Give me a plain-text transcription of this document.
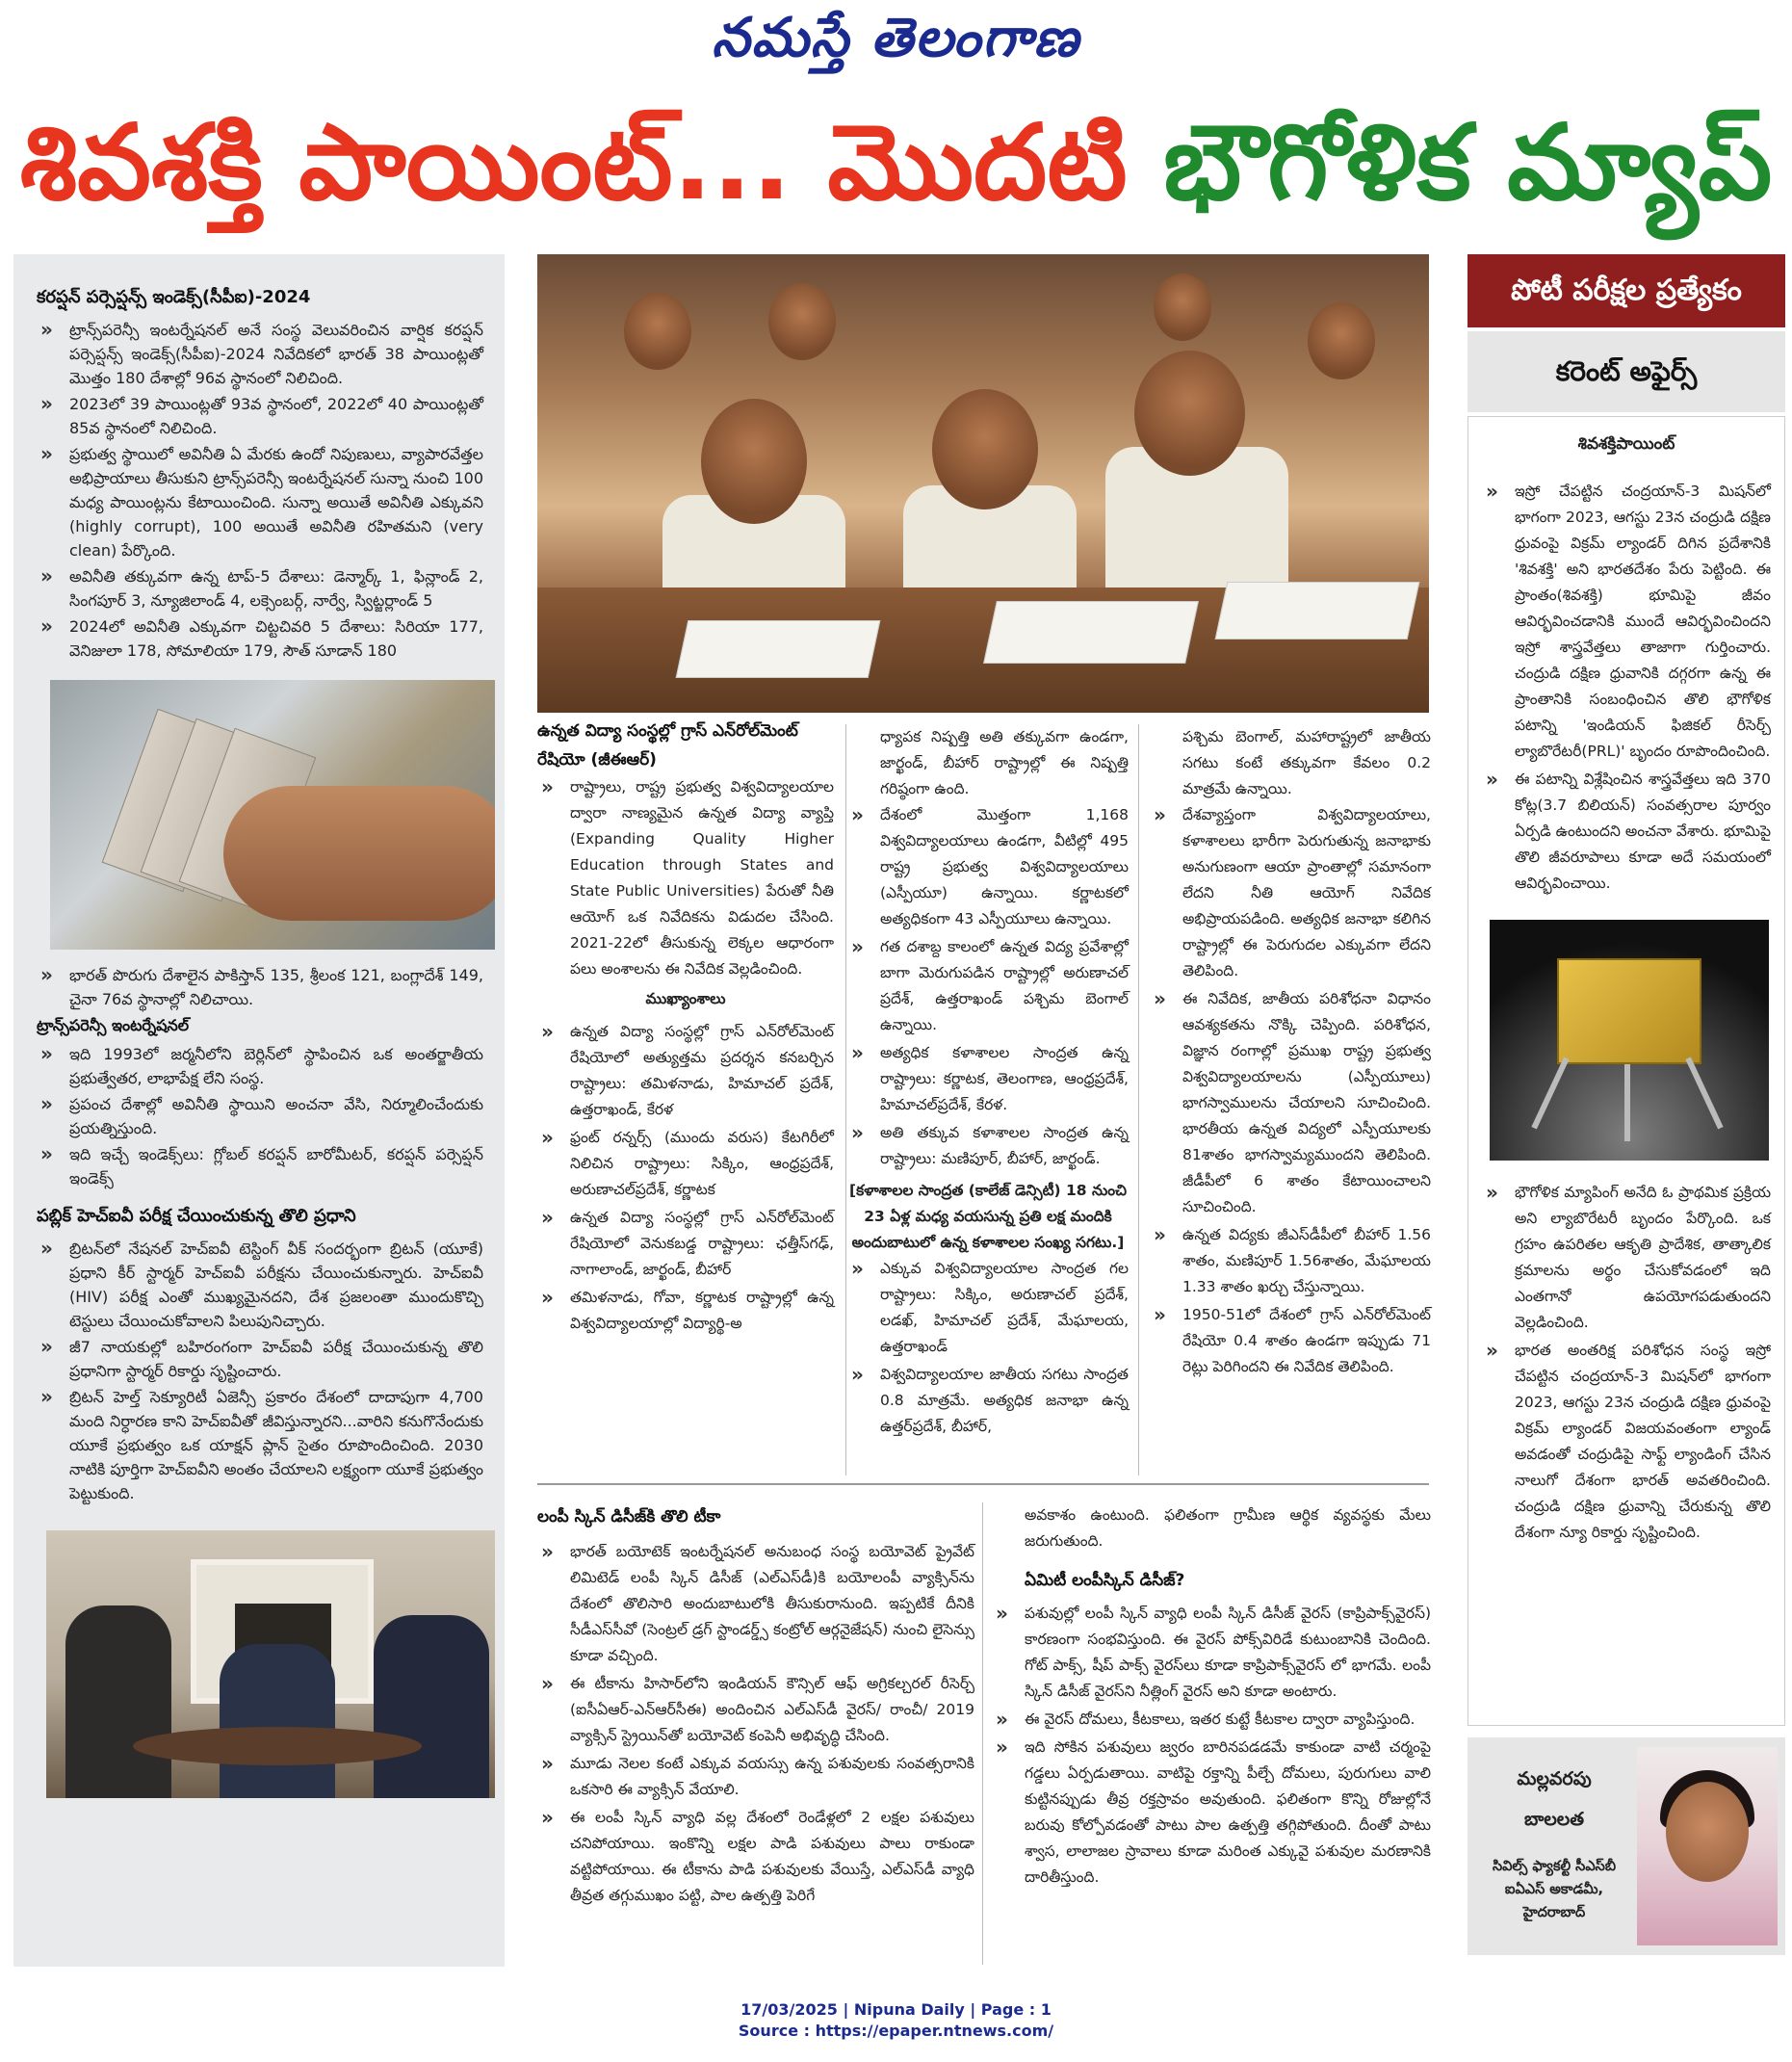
నమస్తే తెలంగాణ
శివశక్తి పాయింట్... మొదటి భౌగోళిక మ్యాప్
కరప్షన్ పర్సెప్షన్స్ ఇండెక్స్(సీపీఐ)-2024
» ట్రాన్స్‌పరెన్సీ ఇంటర్నేషనల్ అనే సంస్థ వెలువరించిన వార్షిక కరప్షన్ పర్సెప్షన్స్ ఇండెక్స్(సీపీఐ)-2024 నివేదికలో భారత్ 38 పాయింట్లతో మొత్తం 180 దేశాల్లో 96వ స్థానంలో నిలిచింది.
» 2023లో 39 పాయింట్లతో 93వ స్థానంలో, 2022లో 40 పాయింట్లతో 85వ స్థానంలో నిలిచింది.
» ప్రభుత్వ స్థాయిలో అవినీతి ఏ మేరకు ఉందో నిపుణులు, వ్యాపారవేత్తల అభిప్రాయాలు తీసుకుని ట్రాన్స్‌పరెన్సీ ఇంటర్నేషనల్ సున్నా నుంచి 100 మధ్య పాయింట్లను కేటాయించింది. సున్నా అయితే అవినీతి ఎక్కువని (highly corrupt), 100 అయితే అవినీతి రహితమని (very clean) పేర్కొంది.
» అవినీతి తక్కువగా ఉన్న టాప్-5 దేశాలు: డెన్మార్క్ 1, ఫిన్లాండ్ 2, సింగపూర్ 3, న్యూజిలాండ్ 4, లక్సెంబర్గ్, నార్వే, స్విట్జర్లాండ్ 5
» 2024లో అవినీతి ఎక్కువగా చిట్టచివరి 5 దేశాలు: సిరియా 177, వెనిజులా 178, సోమాలియా 179, సౌత్ సూడాన్ 180
» భారత్ పొరుగు దేశాలైన పాకిస్తాన్ 135, శ్రీలంక 121, బంగ్లాదేశ్ 149, చైనా 76వ స్థానాల్లో నిలిచాయి.
ట్రాన్స్‌పరెన్సీ ఇంటర్నేషనల్
» ఇది 1993లో జర్మనీలోని బెర్లిన్‌లో స్థాపించిన ఒక అంతర్జాతీయ ప్రభుత్వేతర, లాభాపేక్ష లేని సంస్థ.
» ప్రపంచ దేశాల్లో అవినీతి స్థాయిని అంచనా వేసి, నిర్మూలించేందుకు ప్రయత్నిస్తుంది.
» ఇది ఇచ్చే ఇండెక్స్‌లు: గ్లోబల్ కరప్షన్ బారోమీటర్, కరప్షన్ పర్సెప్షన్ ఇండెక్స్
పబ్లిక్ హెచ్ఐవీ పరీక్ష చేయించుకున్న తొలి ప్రధాని
» బ్రిటన్‌లో నేషనల్ హెచ్ఐవీ టెస్టింగ్ వీక్ సందర్భంగా బ్రిటన్ (యూకే) ప్రధాని కీర్ స్టార్మర్ హెచ్ఐవీ పరీక్షను చేయించుకున్నారు. హెచ్ఐవీ (HIV) పరీక్ష ఎంతో ముఖ్యమైనదని, దేశ ప్రజలంతా ముందుకొచ్చి టెస్టులు చేయించుకోవాలని పిలుపునిచ్చారు.
» జీ7 నాయకుల్లో బహిరంగంగా హెచ్ఐవీ పరీక్ష చేయించుకున్న తొలి ప్రధానిగా స్టార్మర్ రికార్డు సృష్టించారు.
» బ్రిటన్ హెల్త్ సెక్యూరిటీ ఏజెన్సీ ప్రకారం దేశంలో దాదాపుగా 4,700 మంది నిర్ధారణ కాని హెచ్ఐవీతో జీవిస్తున్నారని...వారిని కనుగొనేందుకు యూకే ప్రభుత్వం ఒక యాక్షన్ ప్లాన్ సైతం రూపొందించింది. 2030 నాటికి పూర్తిగా హెచ్ఐవీని అంతం చేయాలని లక్ష్యంగా యూకే ప్రభుత్వం పెట్టుకుంది.
ఉన్నత విద్యా సంస్థల్లో గ్రాస్ ఎన్‌రోల్‌మెంట్ రేషియో (జీఈఆర్)
» రాష్ట్రాలు, రాష్ట్ర ప్రభుత్వ విశ్వవిద్యాలయాల ద్వారా నాణ్యమైన ఉన్నత విద్యా వ్యాప్తి (Expanding Quality Higher Education through States and State Public Universities) పేరుతో నీతి ఆయోగ్ ఒక నివేదికను విడుదల చేసింది. 2021-22లో తీసుకున్న లెక్కల ఆధారంగా పలు అంశాలను ఈ నివేదిక వెల్లడించింది.
ముఖ్యాంశాలు
» ఉన్నత విద్యా సంస్థల్లో గ్రాస్ ఎన్‌రోల్‌మెంట్ రేషియోలో అత్యుత్తమ ప్రదర్శన కనబర్చిన రాష్ట్రాలు: తమిళనాడు, హిమాచల్ ప్రదేశ్, ఉత్తరాఖండ్, కేరళ
» ఫ్రంట్ రన్నర్స్ (ముందు వరుస) కేటగిరీలో నిలిచిన రాష్ట్రాలు: సిక్కిం, ఆంధ్రప్రదేశ్, అరుణాచల్‌ప్రదేశ్, కర్ణాటక
» ఉన్నత విద్యా సంస్థల్లో గ్రాస్ ఎన్‌రోల్‌మెంట్ రేషియోలో వెనుకబడ్డ రాష్ట్రాలు: ఛత్తీస్‌గఢ్, నాగాలాండ్, జార్ఖండ్, బీహార్
» తమిళనాడు, గోవా, కర్ణాటక రాష్ట్రాల్లో ఉన్న విశ్వవిద్యాలయాల్లో విద్యార్థి-అ
ధ్యాపక నిష్పత్తి అతి తక్కువగా ఉండగా, జార్ఖండ్, బీహార్ రాష్ట్రాల్లో ఈ నిష్పత్తి గరిష్ఠంగా ఉంది.
» దేశంలో మొత్తంగా 1,168 విశ్వవిద్యాలయాలు ఉండగా, వీటిల్లో 495 రాష్ట్ర ప్రభుత్వ విశ్వవిద్యాలయాలు (ఎస్పీయూ) ఉన్నాయి. కర్ణాటకలో అత్యధికంగా 43 ఎస్పీయూలు ఉన్నాయి.
» గత దశాబ్ద కాలంలో ఉన్నత విద్య ప్రవేశాల్లో బాగా మెరుగుపడిన రాష్ట్రాల్లో అరుణాచల్ ప్రదేశ్, ఉత్తరాఖండ్ పశ్చిమ బెంగాల్ ఉన్నాయి.
» అత్యధిక కళాశాలల సాంద్రత ఉన్న రాష్ట్రాలు: కర్ణాటక, తెలంగాణ, ఆంధ్రప్రదేశ్, హిమాచల్‌ప్రదేశ్, కేరళ.
» అతి తక్కువ కళాశాలల సాంద్రత ఉన్న రాష్ట్రాలు: మణిపూర్, బీహార్, జార్ఖండ్.
[కళాశాలల సాంద్రత (కాలేజ్ డెన్సిటీ) 18 నుంచి 23 ఏళ్ల మధ్య వయసున్న ప్రతి లక్ష మందికి అందుబాటులో ఉన్న కళాశాలల సంఖ్య సగటు.]
» ఎక్కువ విశ్వవిద్యాలయాల సాంద్రత గల రాష్ట్రాలు: సిక్కిం, అరుణాచల్ ప్రదేశ్, లడఖ్, హిమాచల్ ప్రదేశ్, మేఘాలయ, ఉత్తరాఖండ్
» విశ్వవిద్యాలయాల జాతీయ సగటు సాంద్రత 0.8 మాత్రమే. అత్యధిక జనాభా ఉన్న ఉత్తర్‌ప్రదేశ్, బీహార్,
పశ్చిమ బెంగాల్, మహారాష్ట్రలో జాతీయ సగటు కంటే తక్కువగా కేవలం 0.2 మాత్రమే ఉన్నాయి.
» దేశవ్యాప్తంగా విశ్వవిద్యాలయాలు, కళాశాలలు భారీగా పెరుగుతున్న జనాభాకు అనుగుణంగా ఆయా ప్రాంతాల్లో సమానంగా లేదని నీతి ఆయోగ్ నివేదిక అభిప్రాయపడింది. అత్యధిక జనాభా కలిగిన రాష్ట్రాల్లో ఈ పెరుగుదల ఎక్కువగా లేదని తెలిపింది.
» ఈ నివేదిక, జాతీయ పరిశోధనా విధానం ఆవశ్యకతను నొక్కి చెప్పింది. పరిశోధన, విజ్ఞాన రంగాల్లో ప్రముఖ రాష్ట్ర ప్రభుత్వ విశ్వవిద్యాలయాలను (ఎస్పీయూలు) భాగస్వాములను చేయాలని సూచించింది. భారతీయ ఉన్నత విద్యలో ఎస్పీయూలకు 81శాతం భాగస్వామ్యముందని తెలిపింది. జీడీపీలో 6 శాతం కేటాయించాలని సూచించింది.
» ఉన్నత విద్యకు జీఎస్‌డీపీలో బీహార్ 1.56 శాతం, మణిపూర్ 1.56శాతం, మేఘాలయ 1.33 శాతం ఖర్చు చేస్తున్నాయి.
» 1950-51లో దేశంలో గ్రాస్ ఎన్‌రోల్‌మెంట్ రేషియో 0.4 శాతం ఉండగా ఇప్పుడు 71 రెట్లు పెరిగిందని ఈ నివేదిక తెలిపింది.
లంపీ స్కిన్ డిసీజ్‌కి తొలి టీకా
» భారత్ బయోటెక్ ఇంటర్నేషనల్ అనుబంధ సంస్థ బయోవెట్ ప్రైవేట్ లిమిటెడ్ లంపీ స్కిన్ డిసీజ్ (ఎల్ఎస్‌డీ)కి బయోలంపీ వ్యాక్సిన్‌ను దేశంలో తొలిసారి అందుబాటులోకి తీసుకురానుంది. ఇప్పటికే దీనికి సీడీఎస్‌సీవో (సెంట్రల్ డ్రగ్ స్టాండర్డ్స్ కంట్రోల్ ఆర్గనైజేషన్) నుంచి లైసెన్సు కూడా వచ్చింది.
» ఈ టీకాను హిసార్‌లోని ఇండియన్ కౌన్సిల్ ఆఫ్ అగ్రికల్చరల్ రీసెర్చ్ (ఐసీఏఆర్-ఎన్ఆర్‌సీఈ) అందించిన ఎల్ఎస్‌డీ వైరస్/ రాంచీ/ 2019 వ్యాక్సిన్ స్ట్రెయిన్‌తో బయోవెట్ కంపెనీ అభివృద్ధి చేసింది.
» మూడు నెలల కంటే ఎక్కువ వయస్సు ఉన్న పశువులకు సంవత్సరానికి ఒకసారి ఈ వ్యాక్సిన్ వేయాలి.
» ఈ లంపీ స్కిన్ వ్యాధి వల్ల దేశంలో రెండేళ్లలో 2 లక్షల పశువులు చనిపోయాయి. ఇంకొన్ని లక్షల పాడి పశువులు పాలు రాకుండా వట్టిపోయాయి. ఈ టీకాను పాడి పశువులకు వేయిస్తే, ఎల్ఎస్‌డీ వ్యాధి తీవ్రత తగ్గుముఖం పట్టి, పాల ఉత్పత్తి పెరిగే
అవకాశం ఉంటుంది. ఫలితంగా గ్రామీణ ఆర్థిక వ్యవస్థకు మేలు జరుగుతుంది.
ఏమిటీ లంపీస్కిన్ డిసీజ్?
» పశువుల్లో లంపీ స్కిన్ వ్యాధి లంపీ స్కిన్ డిసీజ్ వైరస్ (కాప్రిపాక్స్‌వైరస్) కారణంగా సంభవిస్తుంది. ఈ వైరస్ పోక్స్‌విరిడే కుటుంబానికి చెందింది. గోట్ పాక్స్, షీప్ పాక్స్ వైరస్‌లు కూడా కాప్రిపాక్స్‌వైరస్ లో భాగమే. లంపీ స్కిన్ డిసీజ్ వైరస్‌ని నీత్లింగ్ వైరస్ అని కూడా అంటారు.
» ఈ వైరస్ దోమలు, కీటకాలు, ఇతర కుట్టే కీటకాల ద్వారా వ్యాపిస్తుంది.
» ఇది సోకిన పశువులు జ్వరం బారినపడడమే కాకుండా వాటి చర్మంపై గడ్డలు ఏర్పడుతాయి. వాటిపై రక్తాన్ని పీల్చే దోమలు, పురుగులు వాలి కుట్టినప్పుడు తీవ్ర రక్తస్రావం అవుతుంది. ఫలితంగా కొన్ని రోజుల్లోనే బరువు కోల్పోవడంతో పాటు పాల ఉత్పత్తి తగ్గిపోతుంది. దీంతో పాటు శ్వాస, లాలాజల స్రావాలు కూడా మరింత ఎక్కువై పశువుల మరణానికి దారితీస్తుంది.
పోటీ పరీక్షల ప్రత్యేకం
కరెంట్ అఫైర్స్
శివశక్తిపాయింట్
» ఇస్రో చేపట్టిన చంద్రయాన్-3 మిషన్‌లో భాగంగా 2023, ఆగస్టు 23న చంద్రుడి దక్షిణ ధ్రువంపై విక్రమ్ ల్యాండర్ దిగిన ప్రదేశానికి 'శివశక్తి' అని భారతదేశం పేరు పెట్టింది. ఈ ప్రాంతం(శివశక్తి) భూమిపై జీవం ఆవిర్భవించడానికి ముందే ఆవిర్భవించిందని ఇస్రో శాస్త్రవేత్తలు తాజాగా గుర్తించారు. చంద్రుడి దక్షిణ ధ్రువానికి దగ్గరగా ఉన్న ఈ ప్రాంతానికి సంబంధించిన తొలి భౌగోళిక పటాన్ని 'ఇండియన్ ఫిజికల్ రీసెర్చ్ ల్యాబొరేటరీ(PRL)' బృందం రూపొందించింది.
» ఈ పటాన్ని విశ్లేషించిన శాస్త్రవేత్తలు ఇది 370 కోట్ల(3.7 బిలియన్) సంవత్సరాల పూర్వం ఏర్పడి ఉంటుందని అంచనా వేశారు. భూమిపై తొలి జీవరూపాలు కూడా అదే సమయంలో ఆవిర్భవించాయి.
» భౌగోళిక మ్యాపింగ్ అనేది ఓ ప్రాథమిక ప్రక్రియ అని ల్యాబొరేటరీ బృందం పేర్కొంది. ఒక గ్రహం ఉపరితల ఆకృతి ప్రాదేశిక, తాత్కాలిక క్రమాలను అర్థం చేసుకోవడంలో ఇది ఎంతగానో ఉపయోగపడుతుందని వెల్లడించింది.
» భారత అంతరిక్ష పరిశోధన సంస్థ ఇస్రో చేపట్టిన చంద్రయాన్-3 మిషన్‌లో భాగంగా 2023, ఆగస్టు 23న చంద్రుడి దక్షిణ ధ్రువంపై విక్రమ్ ల్యాండర్ విజయవంతంగా ల్యాండ్ అవడంతో చంద్రుడిపై సాఫ్ట్ ల్యాండింగ్ చేసిన నాలుగో దేశంగా భారత్ అవతరించింది. చంద్రుడి దక్షిణ ధ్రువాన్ని చేరుకున్న తొలి దేశంగా న్యూ రికార్డు సృష్టించింది.
మల్లవరపు
బాలలత
సివిల్స్ ఫ్యాకల్టీ సీఎస్‌బీ ఐఏఎస్ అకాడమీ, హైదరాబాద్
17/03/2025 | Nipuna Daily | Page : 1
Source : https://epaper.ntnews.com/
